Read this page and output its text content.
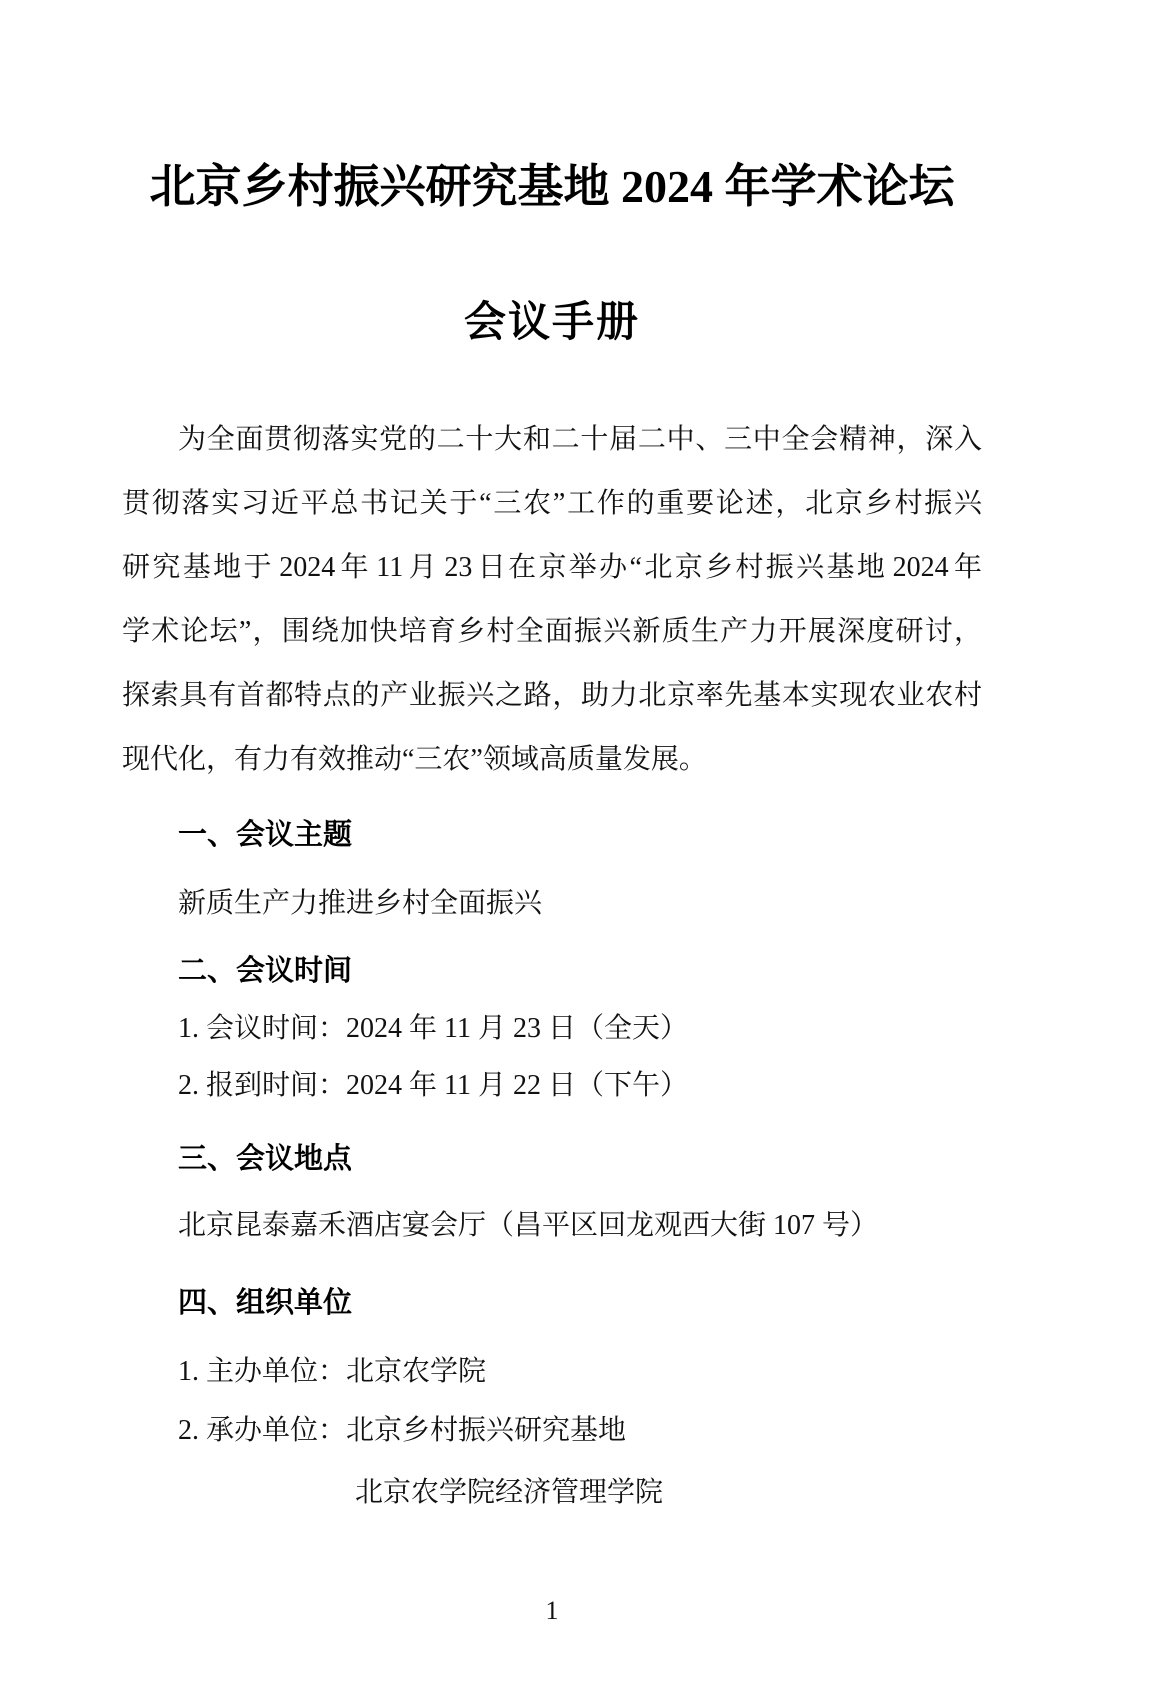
北京乡村振兴研究基地 2024 年学术论坛
会议手册
为全面贯彻落实党的二十大和二十届二中、三中全会精神，深入
贯彻落实习近平总书记关于“三农”工作的重要论述，北京乡村振兴
研究基地于 2024 年 11 月 23 日在京举办“北京乡村振兴基地 2024 年
学术论坛”，围绕加快培育乡村全面振兴新质生产力开展深度研讨，
探索具有首都特点的产业振兴之路，助力北京率先基本实现农业农村
现代化，有力有效推动“三农”领域高质量发展。
一、会议主题
新质生产力推进乡村全面振兴
二、会议时间
1. 会议时间：2024 年 11 月 23 日（全天）
2. 报到时间：2024 年 11 月 22 日（下午）
三、会议地点
北京昆泰嘉禾酒店宴会厅（昌平区回龙观西大街 107 号）
四、组织单位
1. 主办单位：北京农学院
2. 承办单位：北京乡村振兴研究基地
北京农学院经济管理学院
1
